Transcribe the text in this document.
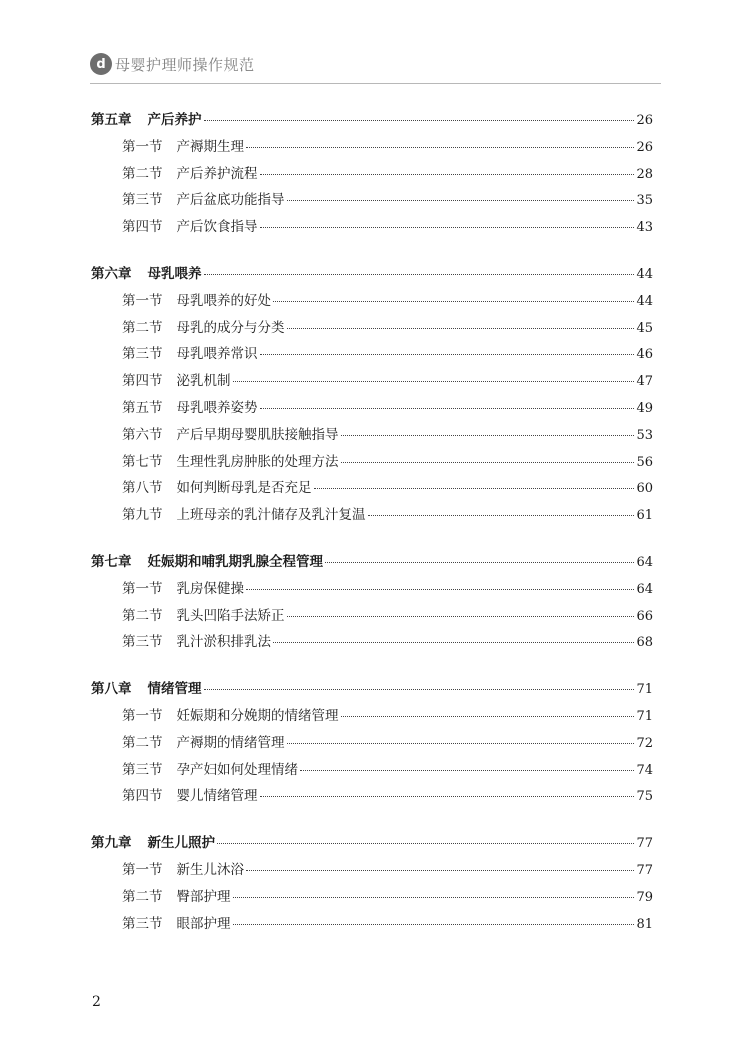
d 母婴护理师操作规范
第五章 产后养护	26
第一节 产褥期生理	26
第二节 产后养护流程	28
第三节 产后盆底功能指导	35
第四节 产后饮食指导	43
第六章 母乳喂养	44
第一节 母乳喂养的好处	44
第二节 母乳的成分与分类	45
第三节 母乳喂养常识	46
第四节 泌乳机制	47
第五节 母乳喂养姿势	49
第六节 产后早期母婴肌肤接触指导	53
第七节 生理性乳房肿胀的处理方法	56
第八节 如何判断母乳是否充足	60
第九节 上班母亲的乳汁储存及乳汁复温	61
第七章 妊娠期和哺乳期乳腺全程管理	64
第一节 乳房保健操	64
第二节 乳头凹陷手法矫正	66
第三节 乳汁淤积排乳法	68
第八章 情绪管理	71
第一节 妊娠期和分娩期的情绪管理	71
第二节 产褥期的情绪管理	72
第三节 孕产妇如何处理情绪	74
第四节 婴儿情绪管理	75
第九章 新生儿照护	77
第一节 新生儿沐浴	77
第二节 臀部护理	79
第三节 眼部护理	81
2
